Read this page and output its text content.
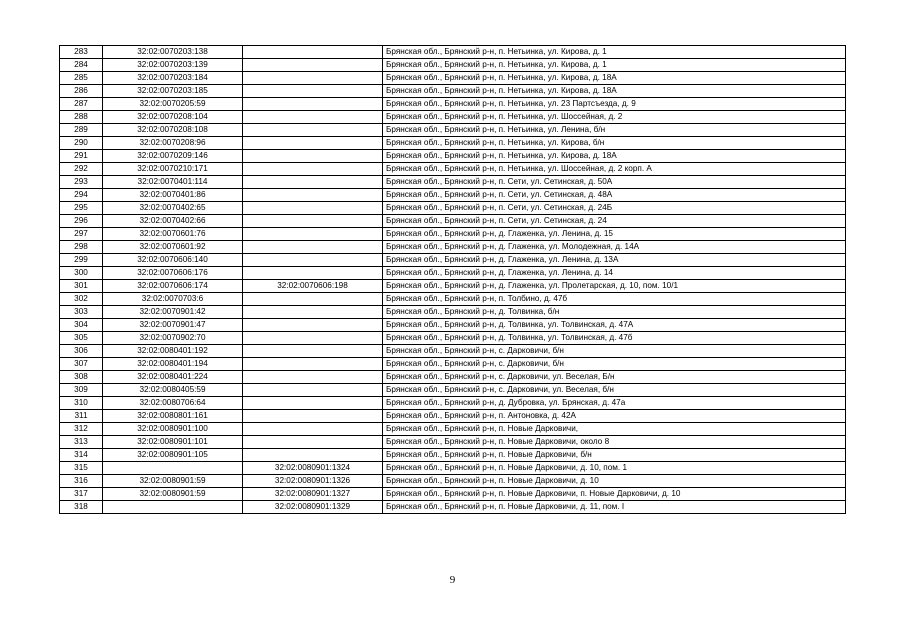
283	32:02:0070203:138		Брянская обл., Брянский р-н, п. Нетьинка, ул. Кирова, д. 1
284	32:02:0070203:139		Брянская обл., Брянский р-н, п. Нетьинка, ул. Кирова, д. 1
285	32:02:0070203:184		Брянская обл., Брянский р-н, п. Нетьинка, ул. Кирова, д. 18А
286	32:02:0070203:185		Брянская обл., Брянский р-н, п. Нетьинка, ул. Кирова, д. 18А
287	32:02:0070205:59		Брянская обл., Брянский р-н, п. Нетьинка, ул. 23 Партсъезда, д. 9
288	32:02:0070208:104		Брянская обл., Брянский р-н, п. Нетьинка, ул. Шоссейная, д. 2
289	32:02:0070208:108		Брянская обл., Брянский р-н, п. Нетьинка, ул. Ленина, б/н
290	32:02:0070208:96		Брянская обл., Брянский р-н, п. Нетьинка, ул. Кирова, б/н
291	32:02:0070209:146		Брянская обл., Брянский р-н, п. Нетьинка, ул. Кирова, д. 18А
292	32:02:0070210:171		Брянская обл., Брянский р-н, п. Нетьинка, ул. Шоссейная, д. 2 корп. А
293	32:02:0070401:114		Брянская обл., Брянский р-н, п. Сети, ул. Сетинская, д. 50А
294	32:02:0070401:86		Брянская обл., Брянский р-н, п. Сети, ул. Сетинская, д. 48А
295	32:02:0070402:65		Брянская обл., Брянский р-н, п. Сети, ул. Сетинская, д. 24Б
296	32:02:0070402:66		Брянская обл., Брянский р-н, п. Сети, ул. Сетинская, д. 24
297	32:02:0070601:76		Брянская обл., Брянский р-н, д. Глаженка, ул. Ленина, д. 15
298	32:02:0070601:92		Брянская обл., Брянский р-н, д. Глаженка, ул. Молодежная, д. 14А
299	32:02:0070606:140		Брянская обл., Брянский р-н, д. Глаженка, ул. Ленина, д. 13А
300	32:02:0070606:176		Брянская обл., Брянский р-н, д. Глаженка, ул. Ленина, д. 14
301	32:02:0070606:174	32:02:0070606:198	Брянская обл., Брянский р-н, д. Глаженка, ул. Пролетарская, д. 10, пом. 10/1
302	32:02:0070703:6		Брянская обл., Брянский р-н, п. Толбино, д. 47б
303	32:02:0070901:42		Брянская обл., Брянский р-н, д. Толвинка, б/н
304	32:02:0070901:47		Брянская обл., Брянский р-н, д. Толвинка, ул. Толвинская, д. 47А
305	32:02:0070902:70		Брянская обл., Брянский р-н, д. Толвинка, ул. Толвинская, д. 47б
306	32:02:0080401:192		Брянская обл., Брянский р-н, с. Дарковичи, б/н
307	32:02:0080401:194		Брянская обл., Брянский р-н, с. Дарковичи, б/н
308	32:02:0080401:224		Брянская обл., Брянский р-н, с. Дарковичи, ул. Веселая, Б/н
309	32:02:0080405:59		Брянская обл., Брянский р-н, с. Дарковичи, ул. Веселая, б/н
310	32:02:0080706:64		Брянская обл., Брянский р-н, д. Дубровка, ул. Брянская, д. 47а
311	32:02:0080801:161		Брянская обл., Брянский р-н, п. Антоновка, д. 42А
312	32:02:0080901:100		Брянская обл., Брянский р-н, п. Новые Дарковичи,
313	32:02:0080901:101		Брянская обл., Брянский р-н, п. Новые Дарковичи, около 8
314	32:02:0080901:105		Брянская обл., Брянский р-н, п. Новые Дарковичи, б/н
315		32:02:0080901:1324	Брянская обл., Брянский р-н, п. Новые Дарковичи, д. 10, пом. 1
316	32:02:0080901:59	32:02:0080901:1326	Брянская обл., Брянский р-н, п. Новые Дарковичи, д. 10
317	32:02:0080901:59	32:02:0080901:1327	Брянская обл., Брянский р-н, п. Новые Дарковичи, п. Новые Дарковичи, д. 10
318		32:02:0080901:1329	Брянская обл., Брянский р-н, п. Новые Дарковичи, д. 11, пом. I
9
